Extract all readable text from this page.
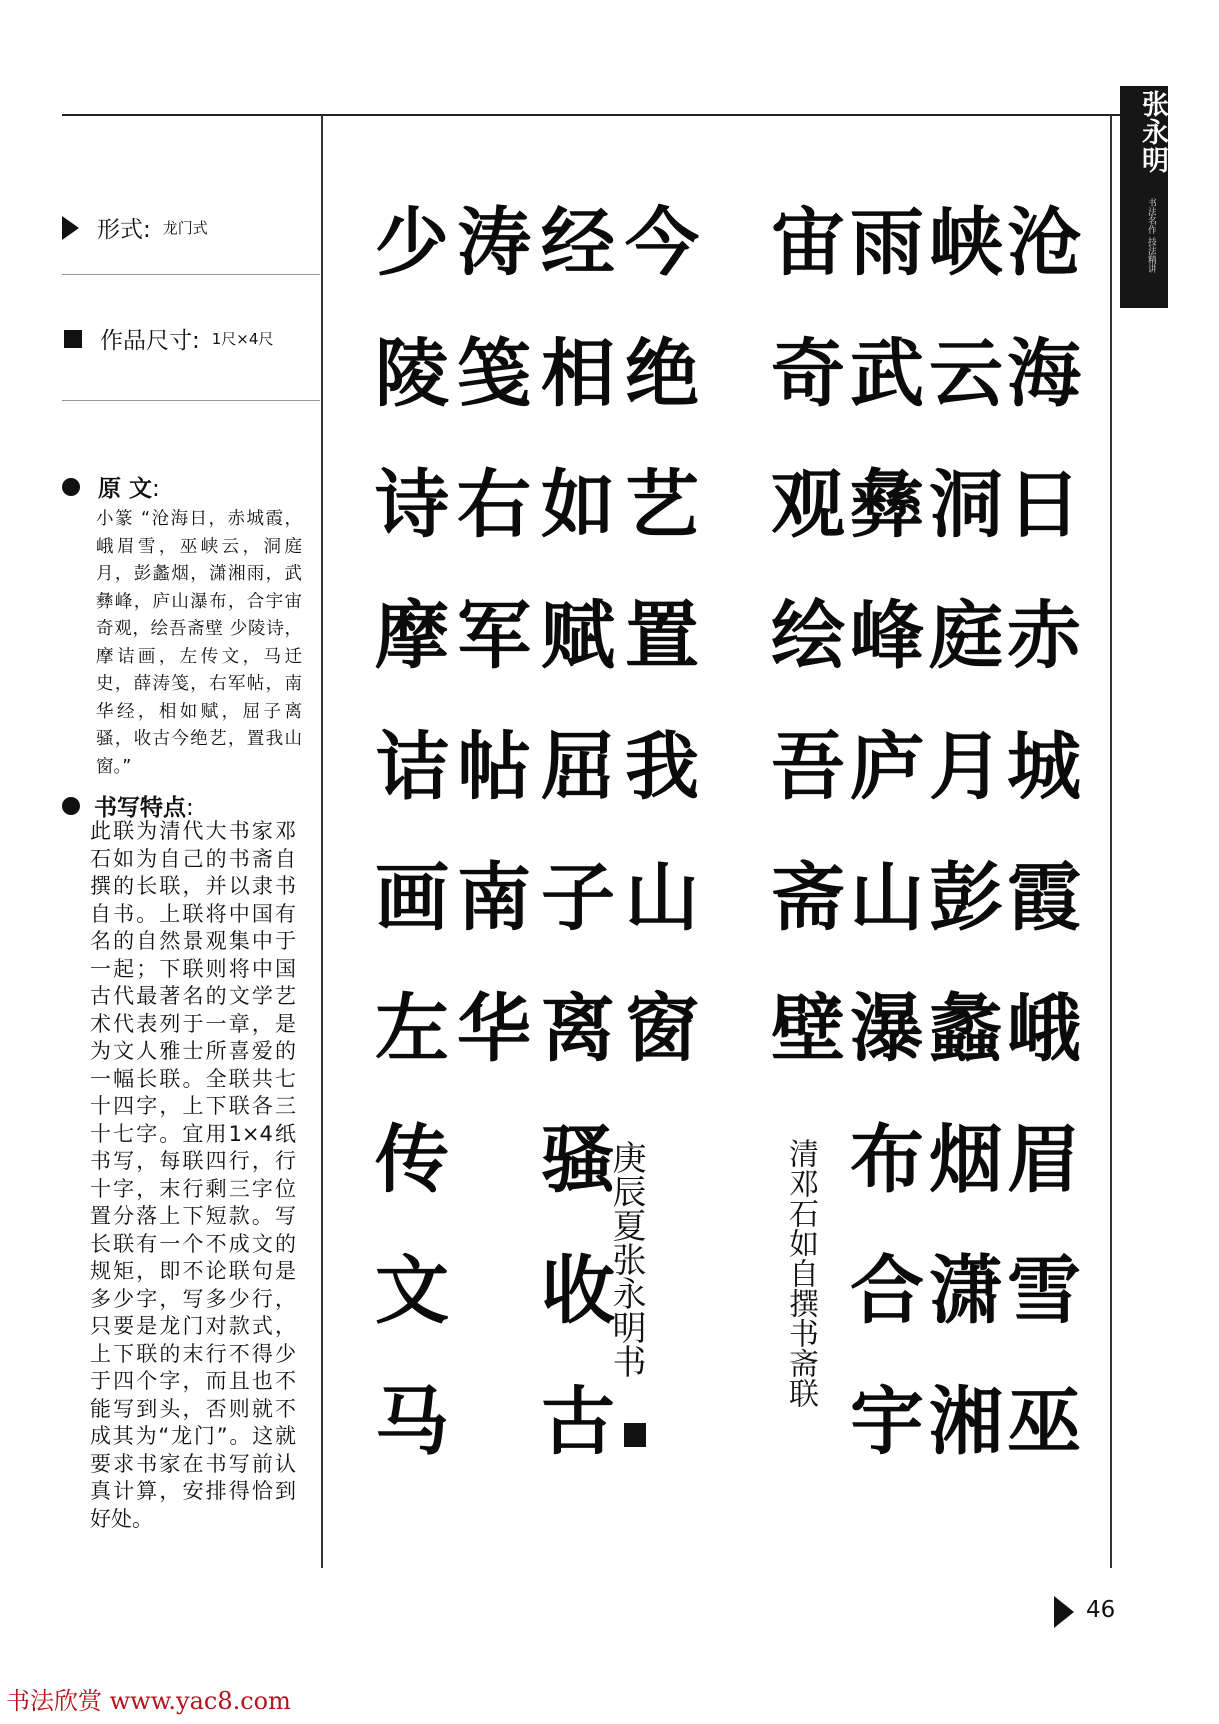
张永明
书法名作 技法精讲
形式: 龙门式
作品尺寸: 1尺×4尺
原 文:
小篆 “沧海日，赤城霞，峨眉雪，巫峡云，洞庭月，彭蠡烟，潇湘雨，武彝峰，庐山瀑布，合宇宙奇观，绘吾斋壁 少陵诗，摩诘画，左传文，马迁史，薛涛笺，右军帖，南华经，相如赋，屈子离骚，收古今绝艺，置我山窗。”
书写特点:
此联为清代大书家邓石如为自己的书斋自撰的长联，并以隶书自书。上联将中国有名的自然景观集中于一起；下联则将中国古代最著名的文学艺术代表列于一章，是为文人雅士所喜爱的一幅长联。全联共七十四字，上下联各三十七字。宜用1×4纸书写，每联四行，行十字，末行剩三字位置分落上下短款。写长联有一个不成文的规矩，即不论联句是多少字，写多少行，只要是龙门对款式，上下联的末行不得少于四个字，而且也不能写到头，否则就不成其为“龙门”。这就要求书家在书写前认真计算，安排得恰到好处。
沧
海
日
赤
城
霞
峨
眉
雪
巫
峡
云
洞
庭
月
彭
蠡
烟
潇
湘
雨
武
彝
峰
庐
山
瀑
布
合
宇
宙
奇
观
绘
吾
斋
壁
今
绝
艺
置
我
山
窗
经
相
如
赋
屈
子
离
骚
收
古
涛
笺
右
军
帖
南
华
少
陵
诗
摩
诘
画
左
传
文
马
清邓石如自撰书斋联
庚辰夏张永明书
46
书法欣赏 www.yac8.com
